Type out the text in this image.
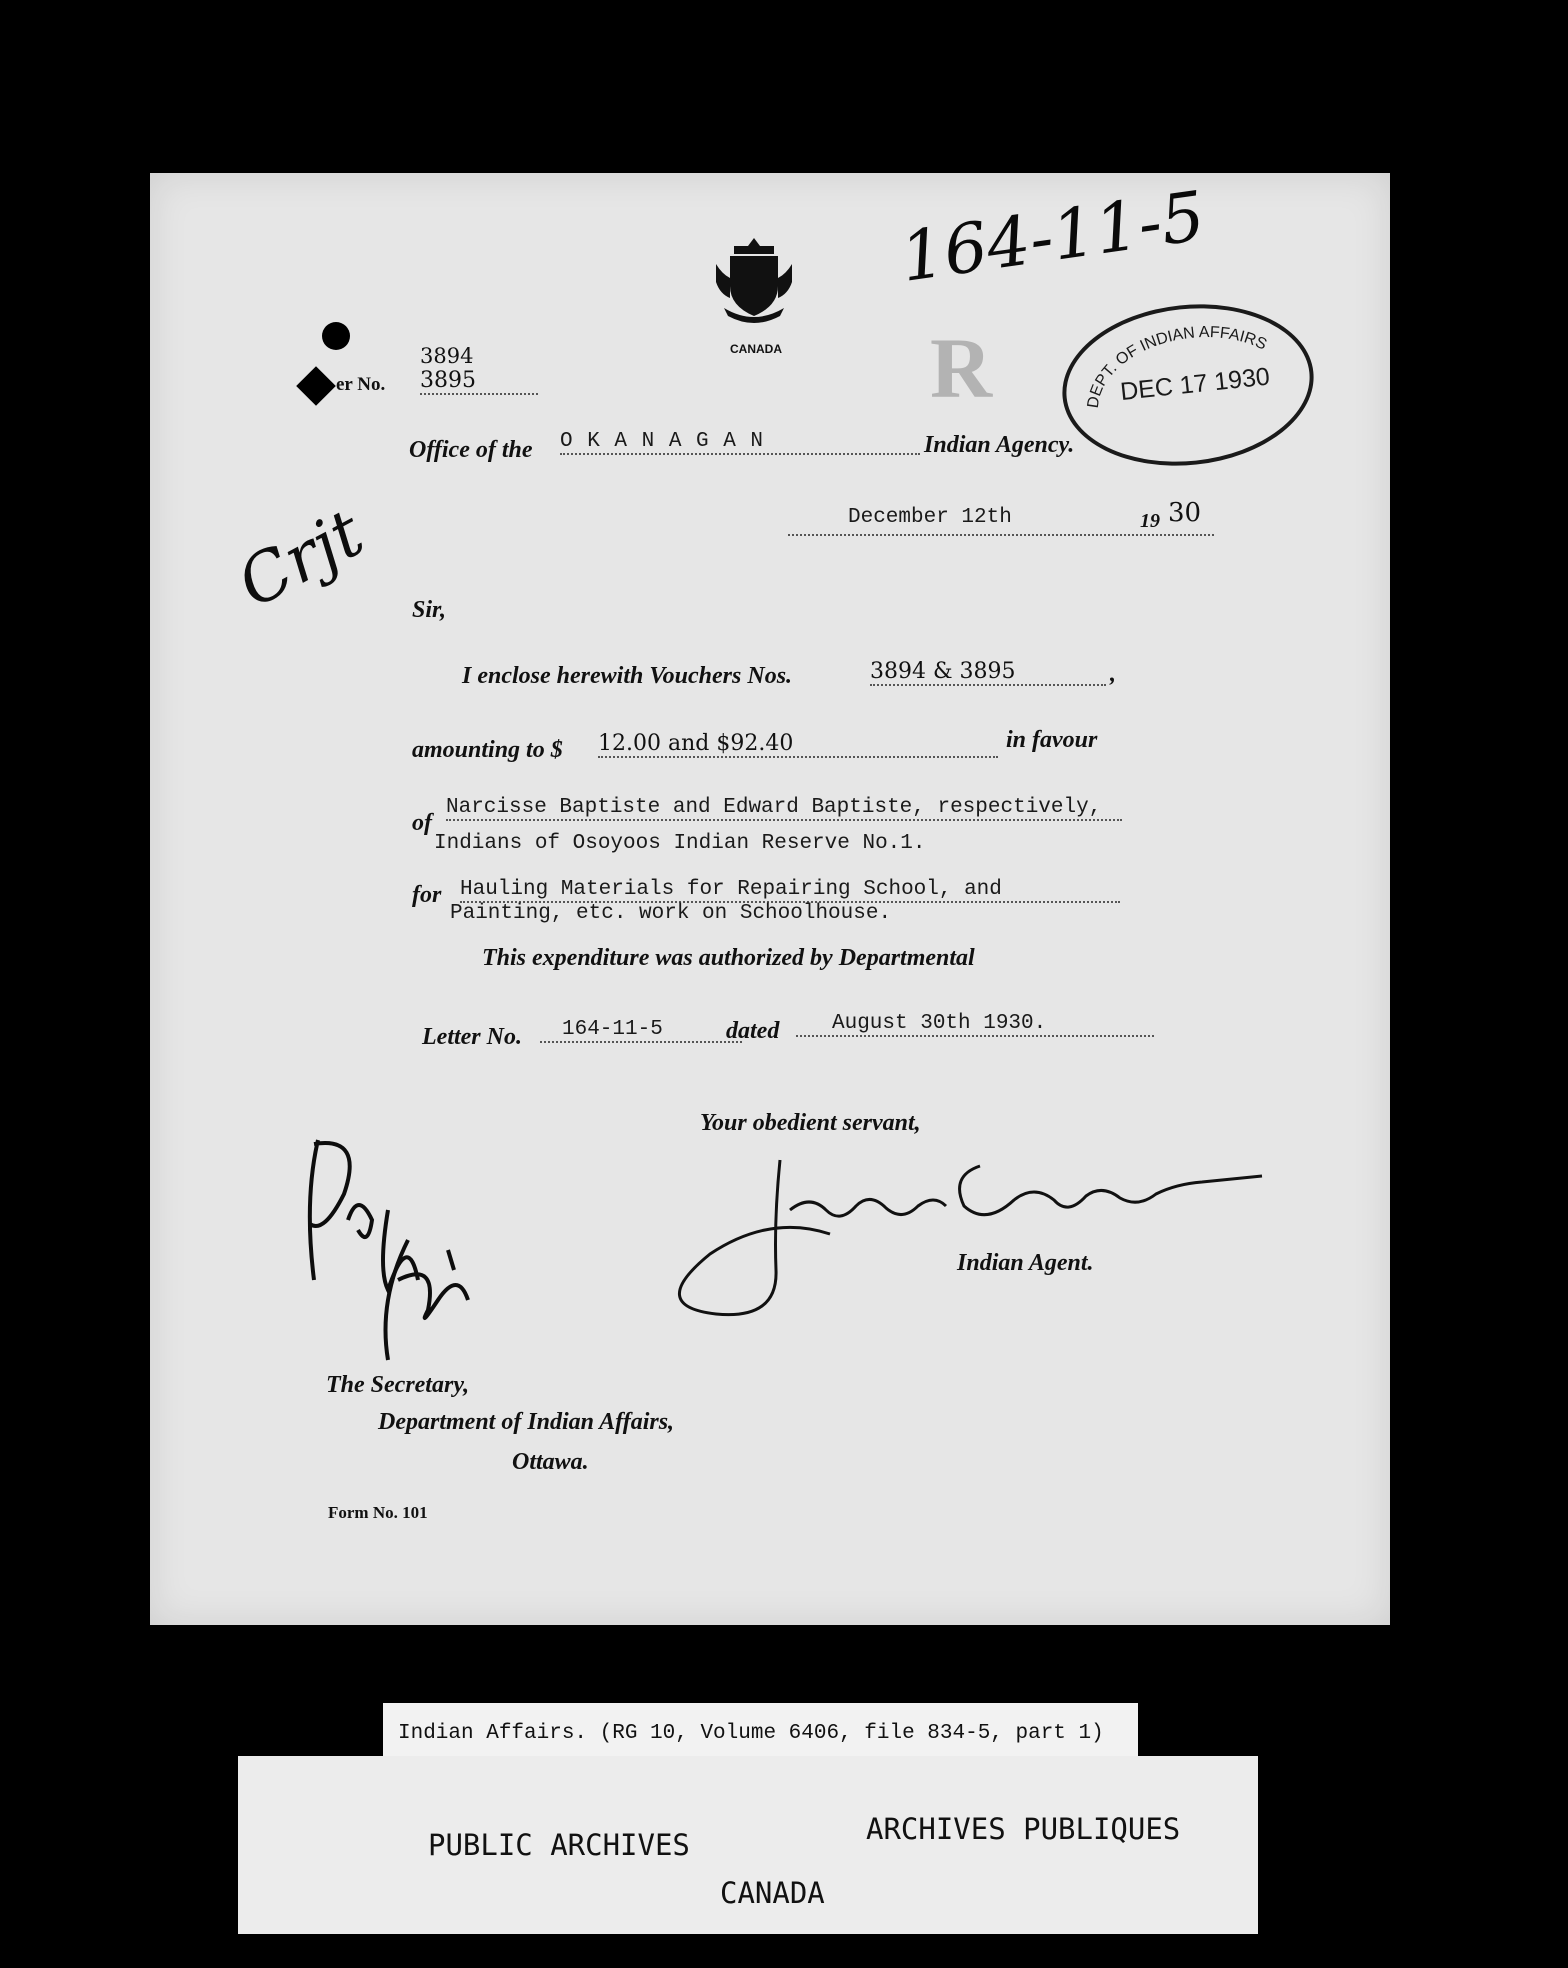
CANADA
164-11-5
R	DEPT. OF INDIAN AFFAIRS
DEC 17 1930
3894
er No. 3895
Office of the O K A N A G A N	Indian Agency.
December 12th	19 30
Crjt Sir,
I enclose herewith Vouchers Nos.	3894 & 3895	,
amounting to $ 12.00 and $92.40	in favour
of
Narcisse Baptiste and Edward Baptiste, respectively,
Indians of Osoyoos Indian Reserve No.1.
for Hauling Materials for Repairing School, and
Painting, etc. work on Schoolhouse.
This expenditure was authorized by Departmental
Letter No.	164-11-5	dated	August 30th 1930.
Your obedient servant,
Indian Agent.
The Secretary,
Department of Indian Affairs,
Ottawa.
Form No. 101
Indian Affairs. (RG 10, Volume 6406, file 834-5, part 1)
PUBLIC ARCHIVES	ARCHIVES PUBLIQUES
CANADA
